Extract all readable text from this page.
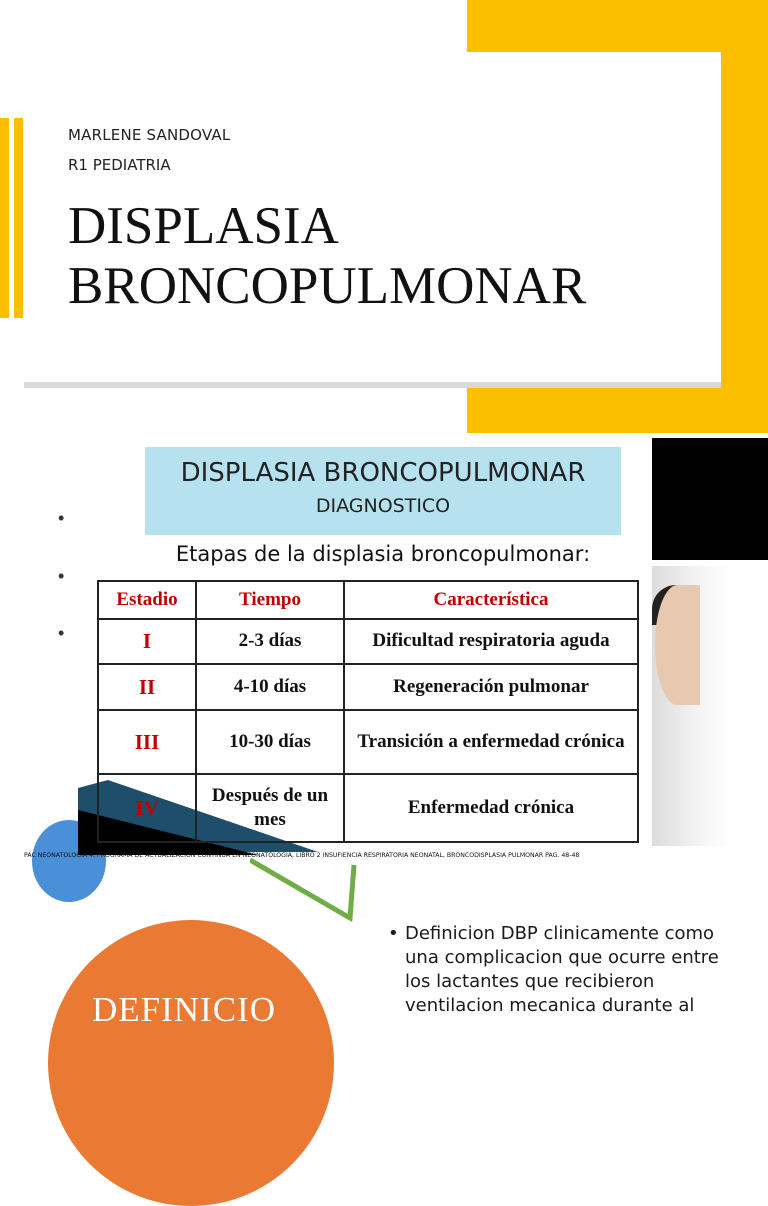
MARLENE SANDOVAL
R1 PEDIATRIA
DISPLASIA
BRONCOPULMONAR
•
•
•
DEFINICIO
• Definicion DBP clinicamente como una complicacion que ocurre entre los lactantes que recibieron ventilacion mecanica durante al
DISPLASIA BRONCOPULMONAR
DIAGNOSTICO
Etapas de la displasia broncopulmonar:
Estadio	Tiempo	Característica
I	2-3 días	Dificultad respiratoria aguda
II	4-10 días	Regeneración pulmonar
III	10-30 días	Transición a enfermedad crónica
IV	Después de un mes	Enfermedad crónica
PAC NEONATOLOGIA 4. PROGRAMA DE ACTUALIZACION CONTINUA EN NEONATOLOGIA, LIBRO 2 INSUFIENCIA RESPIRATORIA NEONATAL, BRONCODISPLASIA PULMONAR PAG. 48-48
